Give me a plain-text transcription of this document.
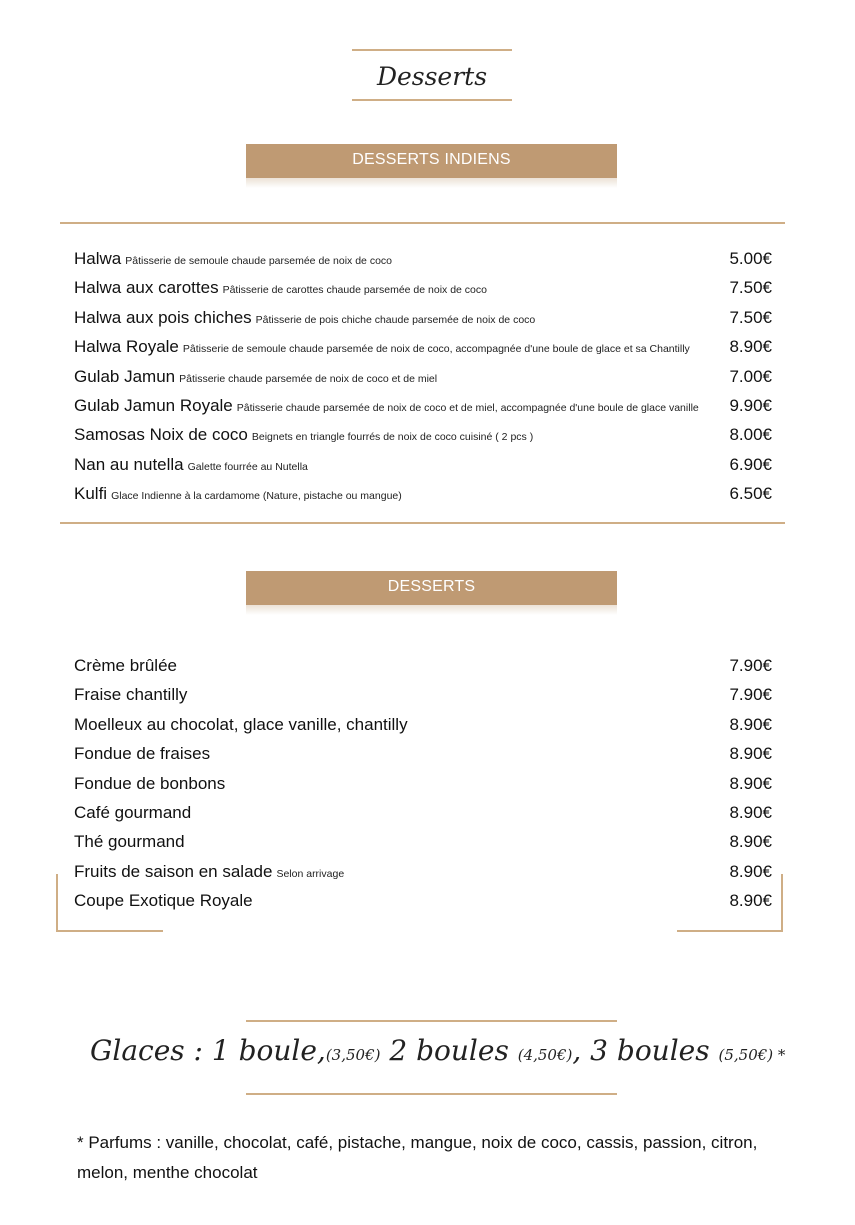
Desserts
DESSERTS INDIENS
Halwa Pâtisserie de semoule chaude parsemée de noix de coco	5.00€
Halwa aux carottes Pâtisserie de carottes chaude parsemée de noix de coco	7.50€
Halwa aux pois chiches Pâtisserie de pois chiche chaude parsemée de noix de coco	7.50€
Halwa Royale Pâtisserie de semoule chaude parsemée de noix de coco, accompagnée d'une boule de glace et sa Chantilly 8.90€
Gulab Jamun Pâtisserie chaude parsemée de noix de coco et de miel	7.00€
Gulab Jamun Royale Pâtisserie chaude parsemée de noix de coco et de miel, accompagnée d'une boule de glace vanille 9.90€
Samosas Noix de coco Beignets en triangle fourrés de noix de coco cuisiné ( 2 pcs )	8.00€
Nan au nutella Galette fourrée au Nutella	6.90€
Kulfi Glace Indienne à la cardamome (Nature, pistache ou mangue)	6.50€
DESSERTS
Crème brûlée	7.90€
Fraise chantilly	7.90€
Moelleux au chocolat, glace vanille, chantilly	8.90€
Fondue de fraises	8.90€
Fondue de bonbons	8.90€
Café gourmand	8.90€
Thé gourmand	8.90€
Fruits de saison en salade Selon arrivage	8.90€
Coupe Exotique Royale	8.90€
Glaces : 1 boule,(3,50€) 2 boules (4,50€), 3 boules (5,50€) *
* Parfums : vanille, chocolat, café, pistache, mangue, noix de coco, cassis, passion, citron, melon, menthe chocolat
